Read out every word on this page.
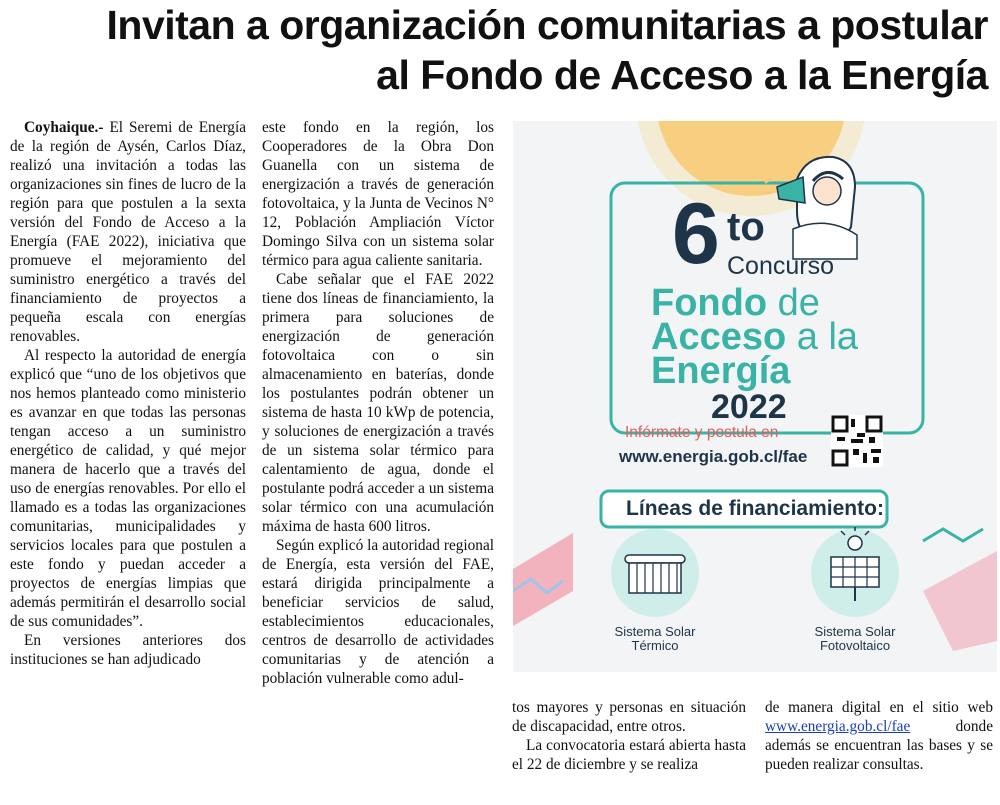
Invitan a organización comunitarias a postular
al Fondo de Acceso a la Energía

Coyhaique.- El Seremi de Energía de la región de Aysén, Carlos Díaz, realizó una invitación a todas las organizaciones sin fines de lucro de la región para que postulen a la sexta versión del Fondo de Acceso a la Energía (FAE 2022), iniciativa que promueve el mejoramiento del suministro energético a través del financiamiento de proyectos a pequeña escala con energías renovables.

Al respecto la autoridad de energía explicó que “uno de los objetivos que nos hemos planteado como ministerio es avanzar en que todas las personas tengan acceso a un suministro energético de calidad, y qué mejor manera de hacerlo que a través del uso de energías renovables. Por ello el llamado es a todas las organizaciones comunitarias, municipalidades y servicios locales para que postulen a este fondo y puedan acceder a proyectos de energías limpias que además permitirán el desarrollo social de sus comunidades”.

En versiones anteriores dos instituciones se han adjudicado

este fondo en la región, los Cooperadores de la Obra Don Guanella con un sistema de energización a través de generación fotovoltaica, y la Junta de Vecinos N° 12, Población Ampliación Víctor Domingo Silva con un sistema solar térmico para agua caliente sanitaria.

Cabe señalar que el FAE 2022 tiene dos líneas de financiamiento, la primera para soluciones de energización de generación fotovoltaica con o sin almacenamiento en baterías, donde los postulantes podrán obtener un sistema de hasta 10 kWp de potencia, y soluciones de energización a través de un sistema solar térmico para calentamiento de agua, donde el postulante podrá acceder a un sistema solar térmico con una acumulación máxima de hasta 600 litros.

Según explicó la autoridad regional de Energía, esta versión del FAE, estará dirigida principalmente a beneficiar servicios de salud, establecimientos educacionales, centros de desarrollo de actividades comunitarias y de atención a población vulnerable como adul-

tos mayores y personas en situación de discapacidad, entre otros.

La convocatoria estará abierta hasta el 22 de diciembre y se realiza

de manera digital en el sitio web www.energia.gob.cl/fae donde además se encuentran las bases y se pueden realizar consultas.

6 to
Concurso
Fondo de
Acceso a la
Energía
2022
Infórmate y postula en
www.energia.gob.cl/fae
Líneas de financiamiento:
Sistema Solar Térmico
Sistema Solar Fotovoltaico
